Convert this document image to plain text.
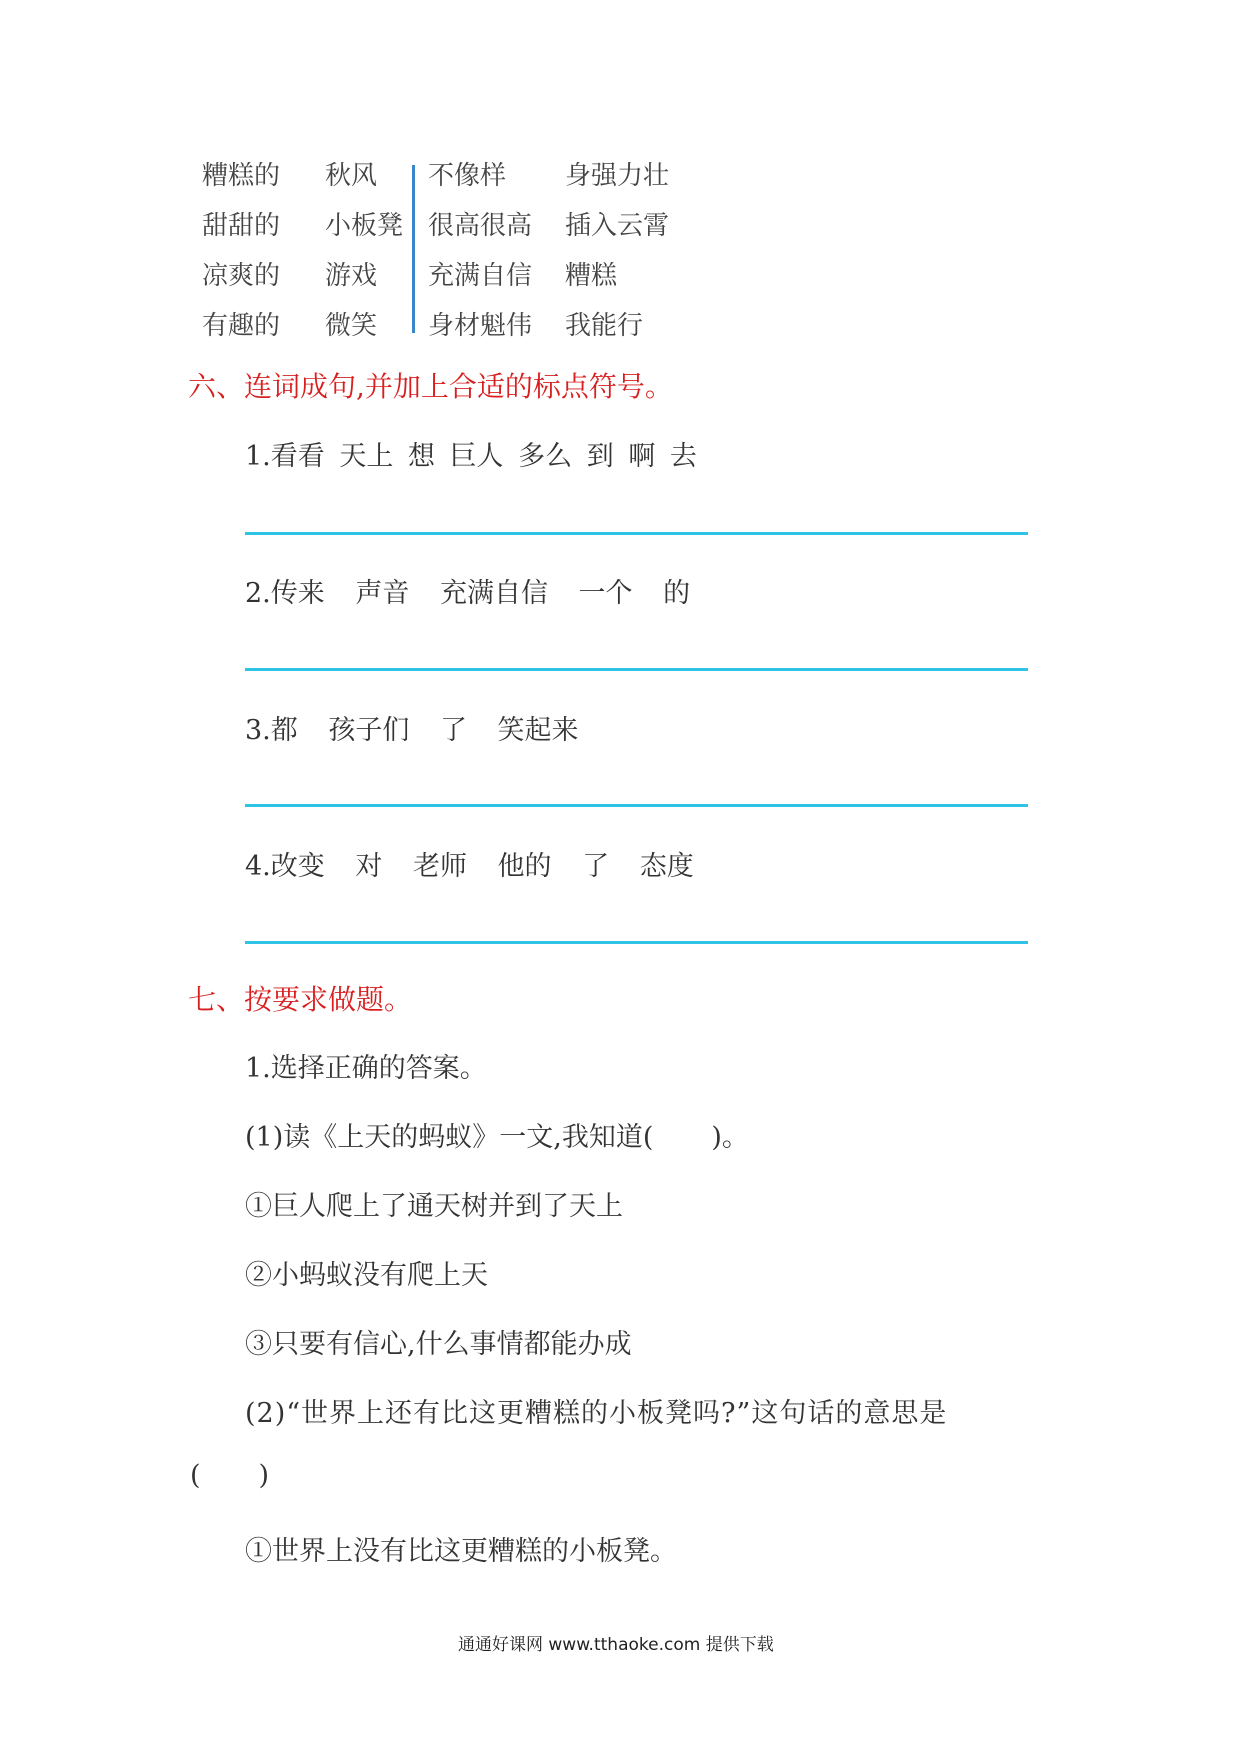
糟糕的
甜甜的
凉爽的
有趣的
秋风
小板凳
游戏
微笑
不像样
很高很高
充满自信
身材魁伟
身强力壮
插入云霄
糟糕
我能行
六、连词成句,并加上合适的标点符号。
1.看看 天上 想 巨人 多么 到 啊 去
2.传来 声音 充满自信 一个 的
3.都 孩子们 了 笑起来
4.改变 对 老师 他的 了 态度
七、按要求做题。
1.选择正确的答案。
(1)读《上天的蚂蚁》一文,我知道( )。
①巨人爬上了通天树并到了天上
②小蚂蚁没有爬上天
③只要有信心,什么事情都能办成
(2)“世界上还有比这更糟糕的小板凳吗?”这句话的意思是
( )
①世界上没有比这更糟糕的小板凳。
通通好课网 www.tthaoke.com 提供下载
